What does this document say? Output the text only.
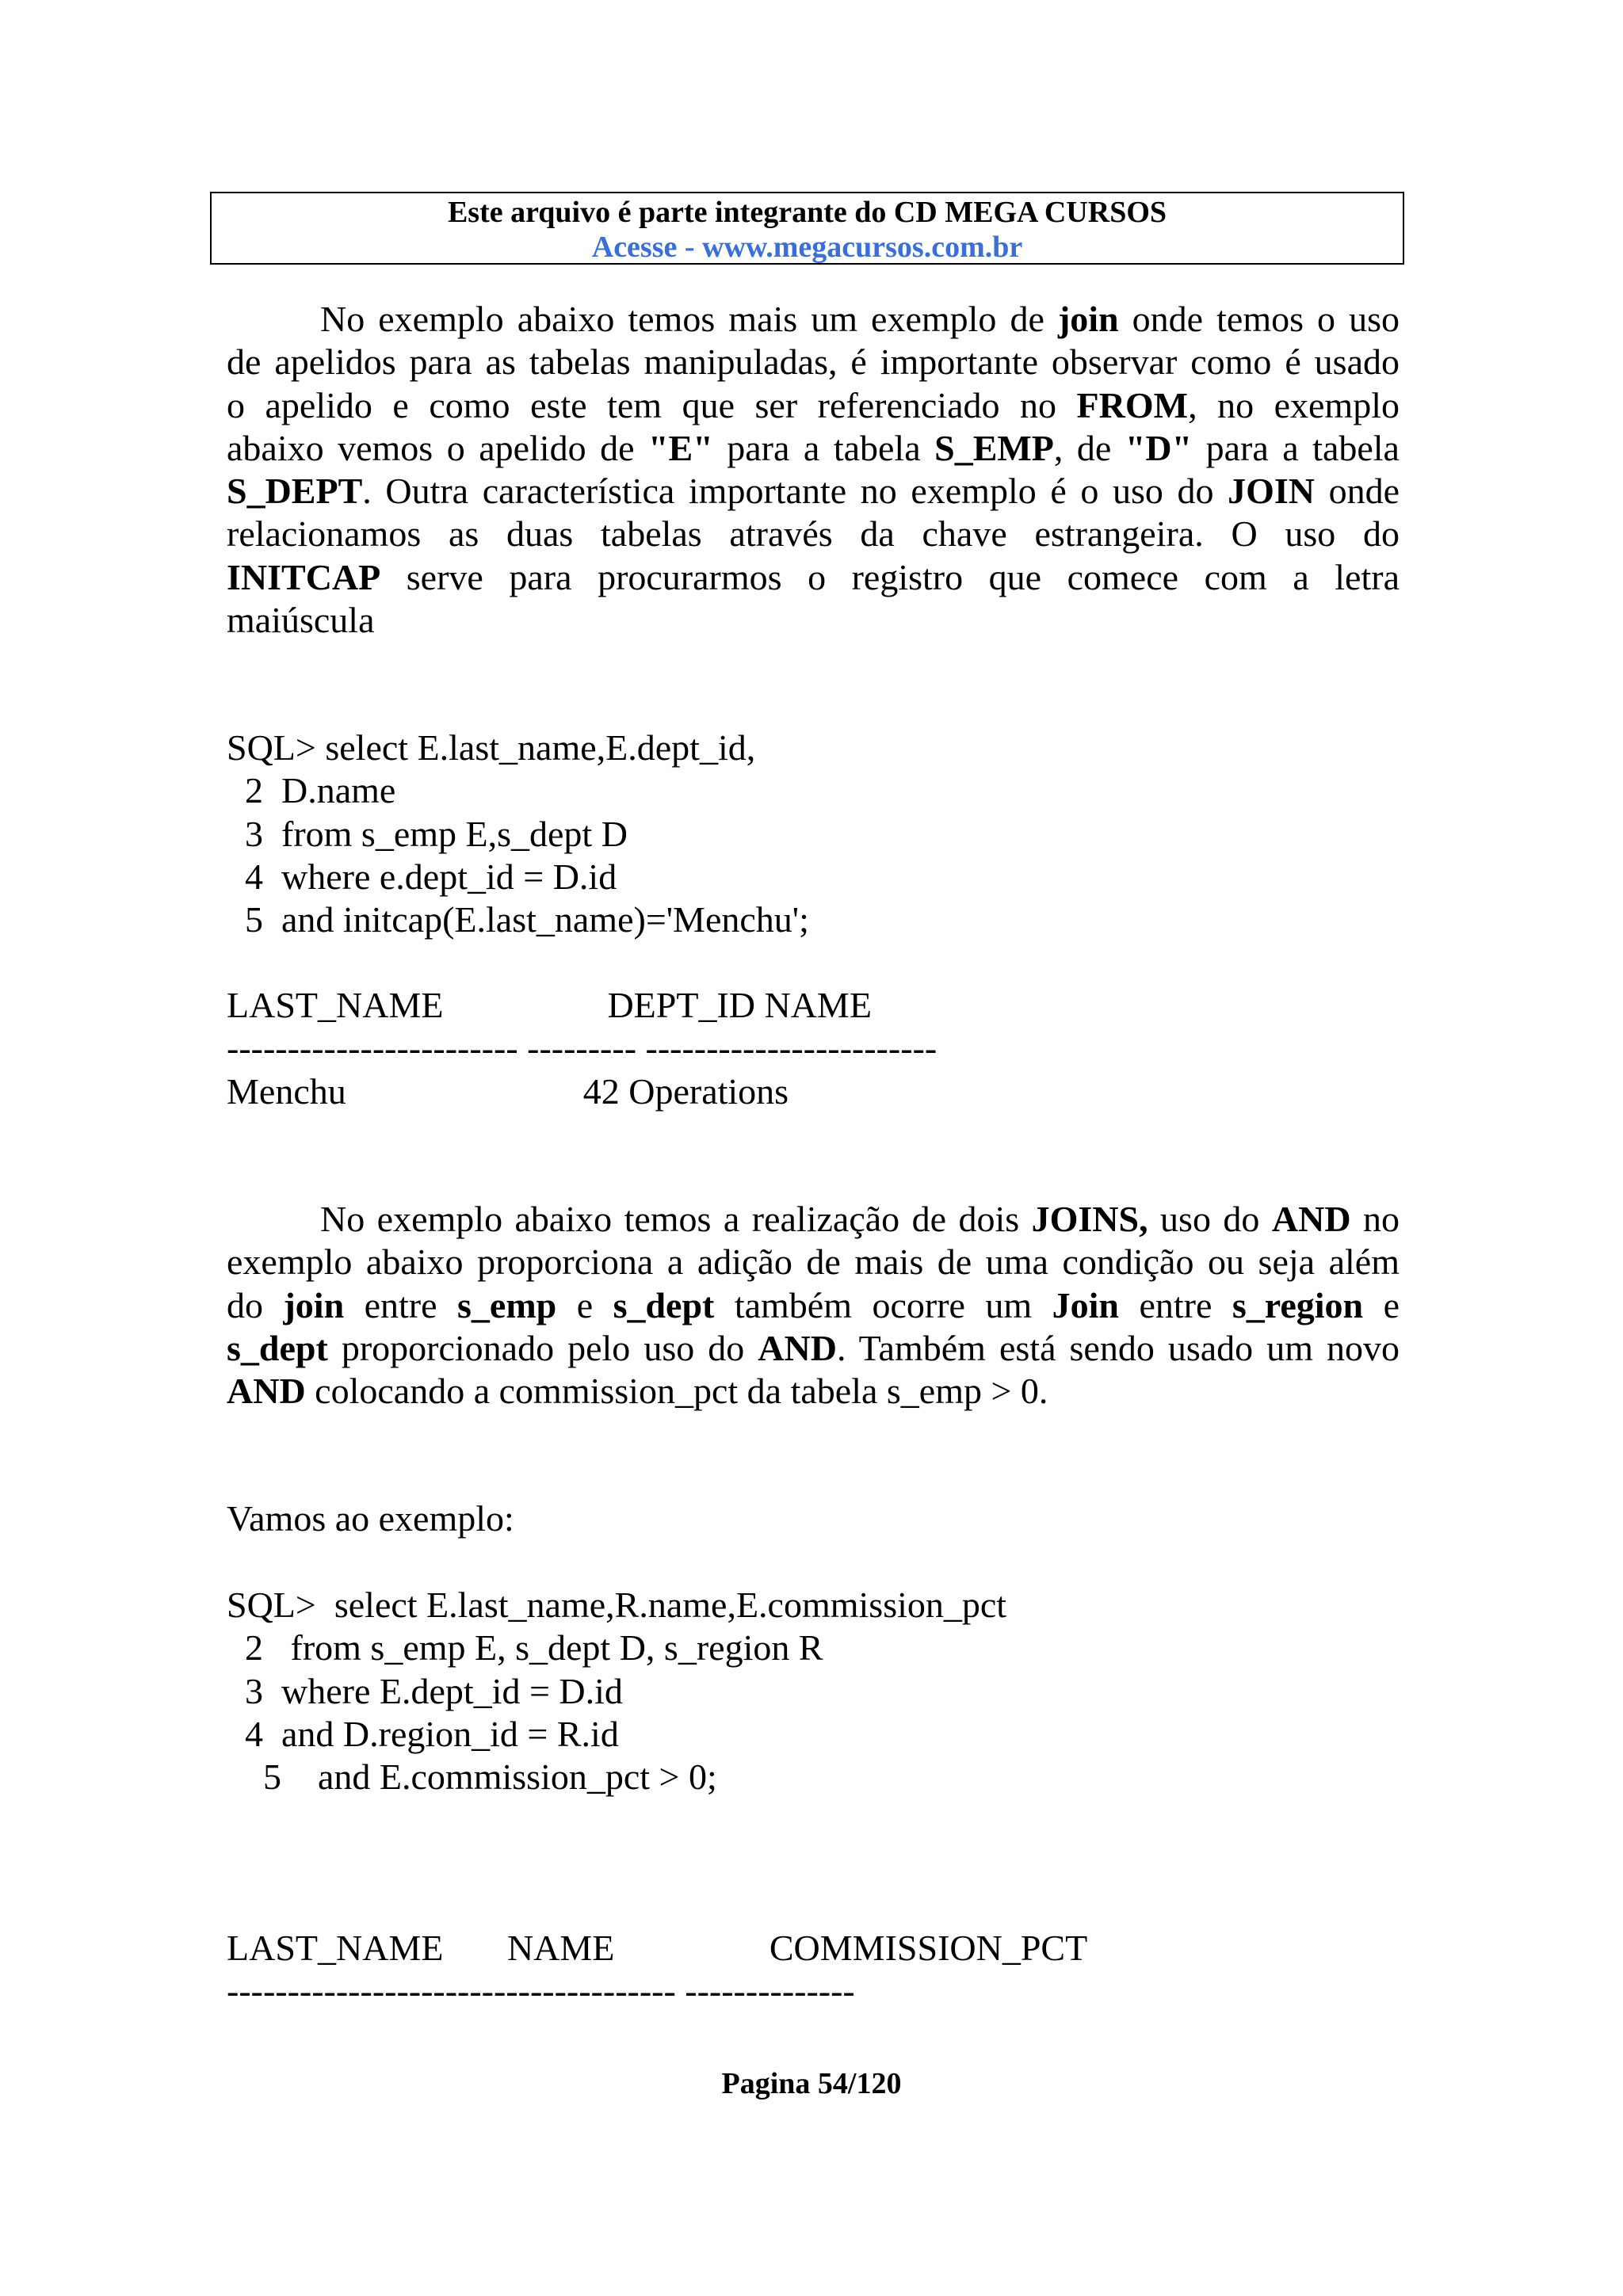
Este arquivo é parte integrante do CD MEGA CURSOS
Acesse - www.megacursos.com.br
No exemplo abaixo temos mais um exemplo de join onde temos o uso
de apelidos para as tabelas manipuladas, é importante observar como é usado
o apelido e como este tem que ser referenciado no FROM, no exemplo
abaixo vemos o apelido de "E" para a tabela S_EMP, de "D" para a tabela
S_DEPT. Outra característica importante no exemplo é o uso do JOIN onde
relacionamos as duas tabelas através da chave estrangeira. O uso do
INITCAP serve para procurarmos o registro que comece com a letra
maiúscula
SQL> select E.last_name,E.dept_id,
2  D.name
3  from s_emp E,s_dept D
4  where e.dept_id = D.id
5  and initcap(E.last_name)='Menchu';
LAST_NAME                  DEPT_ID NAME
------------------------ --------- ------------------------
Menchu                          42 Operations
No exemplo abaixo temos a realização de dois JOINS, uso do AND no
exemplo abaixo proporciona a adição de mais de uma condição ou seja além
do join entre s_emp e s_dept também ocorre um Join entre s_region e
s_dept proporcionado pelo uso do AND. Também está sendo usado um novo
AND colocando a commission_pct da tabela s_emp > 0.
Vamos ao exemplo:
SQL>  select E.last_name,R.name,E.commission_pct
2   from s_emp E, s_dept D, s_region R
3  where E.dept_id = D.id
4  and D.region_id = R.id
5    and E.commission_pct > 0;
LAST_NAME       NAME                 COMMISSION_PCT
------------------------------------- --------------
Pagina 54/120
